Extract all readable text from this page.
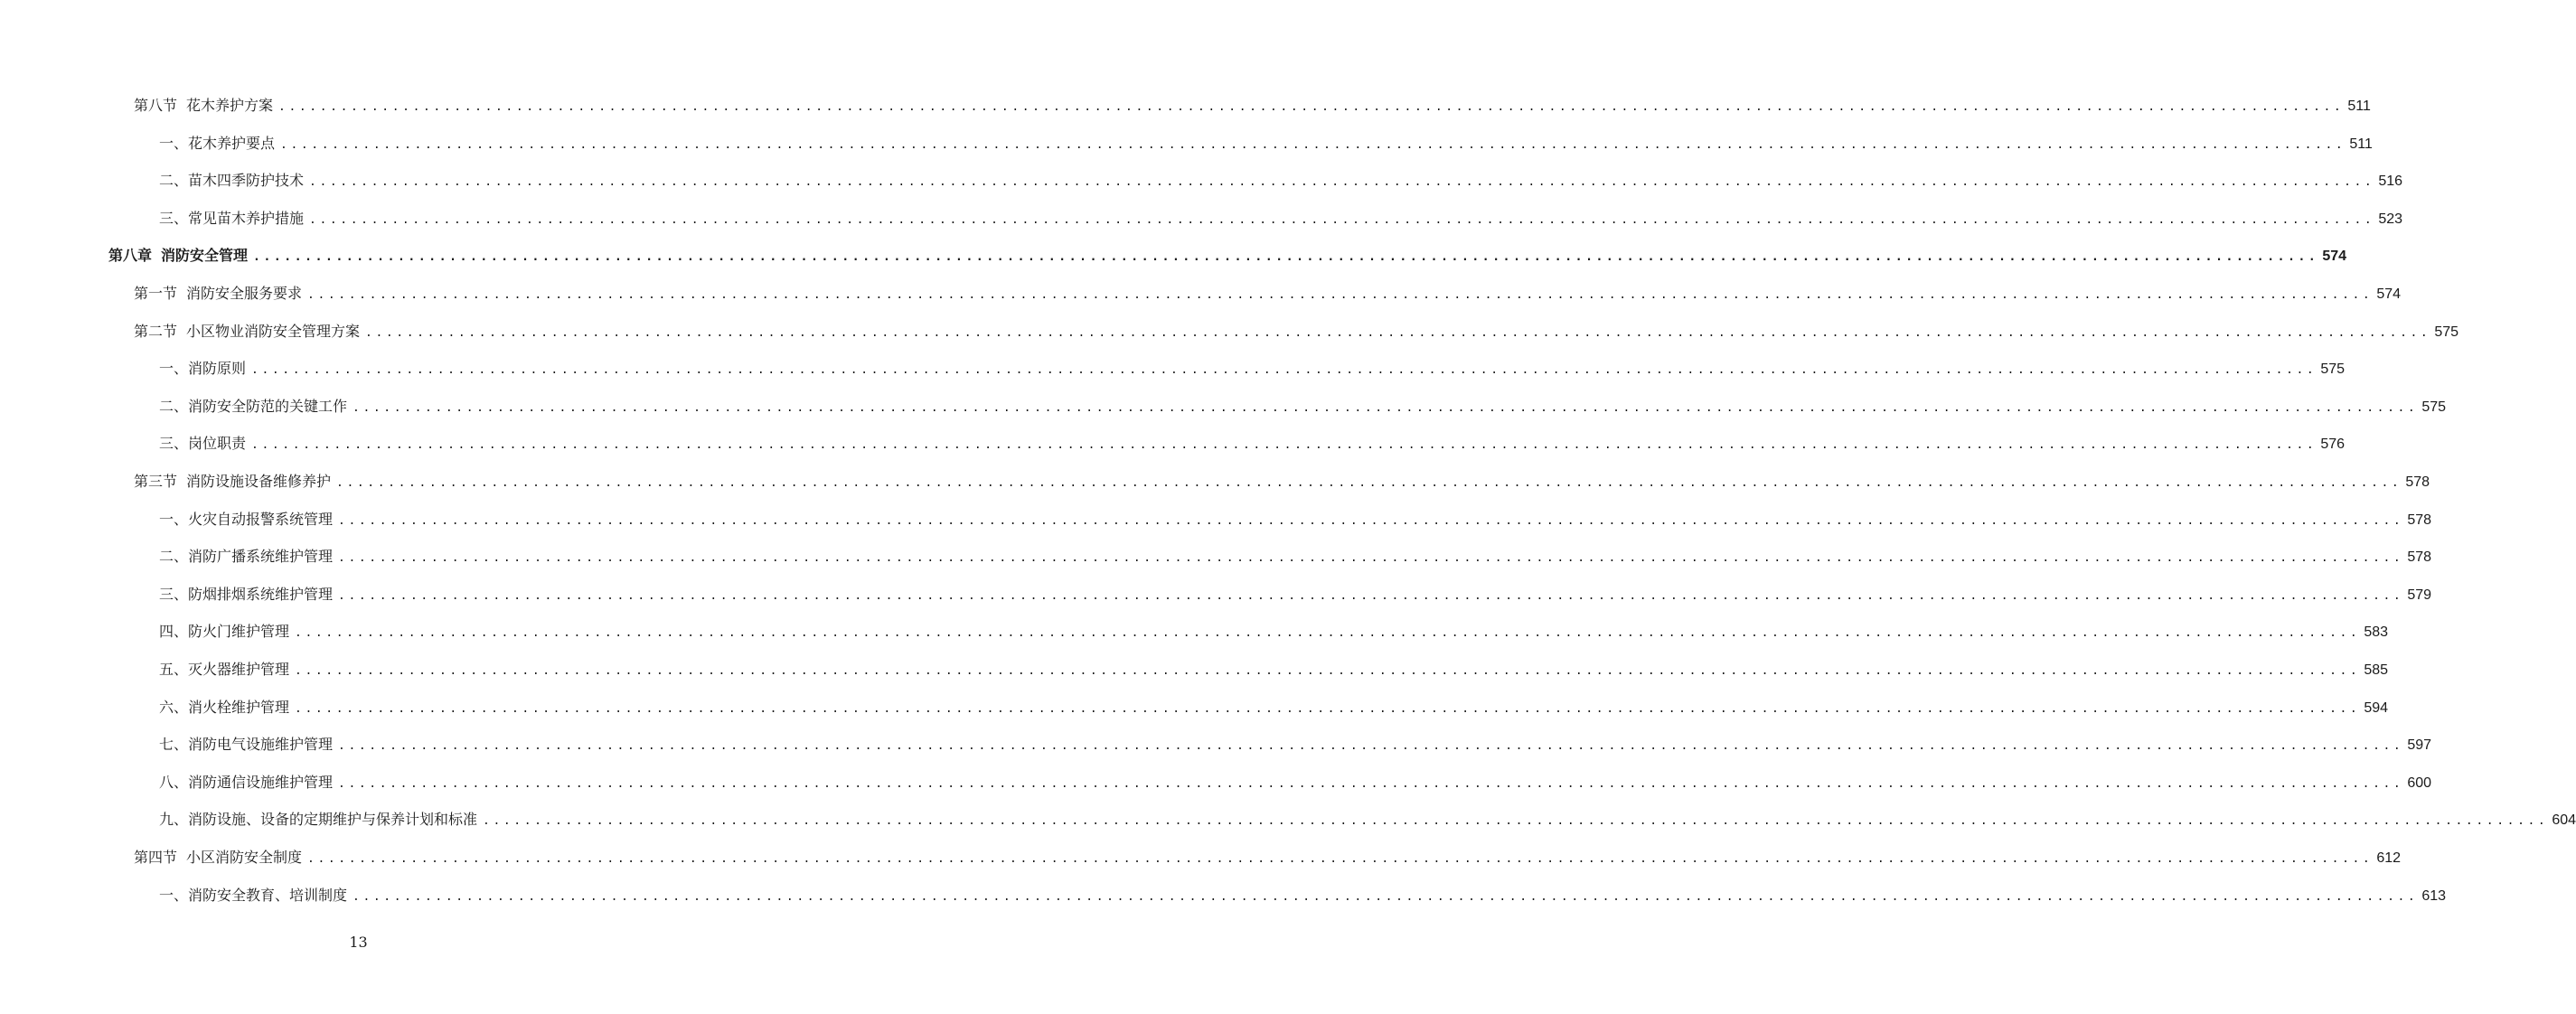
第八节 花木养护方案 ........................................................................................................................................................................................................ 511
一、花木养护要点 ........................................................................................................................................................................................................ 511
二、苗木四季防护技术 ........................................................................................................................................................................................................ 516
三、常见苗木养护措施 ........................................................................................................................................................................................................ 523
第八章 消防安全管理 ........................................................................................................................................................................................................ 574
第一节 消防安全服务要求 ........................................................................................................................................................................................................ 574
第二节 小区物业消防安全管理方案 ........................................................................................................................................................................................................ 575
一、消防原则 ........................................................................................................................................................................................................ 575
二、消防安全防范的关键工作 ........................................................................................................................................................................................................ 575
三、岗位职责 ........................................................................................................................................................................................................ 576
第三节 消防设施设备维修养护 ........................................................................................................................................................................................................ 578
一、火灾自动报警系统管理 ........................................................................................................................................................................................................ 578
二、消防广播系统维护管理 ........................................................................................................................................................................................................ 578
三、防烟排烟系统维护管理 ........................................................................................................................................................................................................ 579
四、防火门维护管理 ........................................................................................................................................................................................................ 583
五、灭火器维护管理 ........................................................................................................................................................................................................ 585
六、消火栓维护管理 ........................................................................................................................................................................................................ 594
七、消防电气设施维护管理 ........................................................................................................................................................................................................ 597
八、消防通信设施维护管理 ........................................................................................................................................................................................................ 600
九、消防设施、设备的定期维护与保养计划和标准 ........................................................................................................................................................................................................ 604
第四节 小区消防安全制度 ........................................................................................................................................................................................................ 612
一、消防安全教育、培训制度 ........................................................................................................................................................................................................ 613
13
